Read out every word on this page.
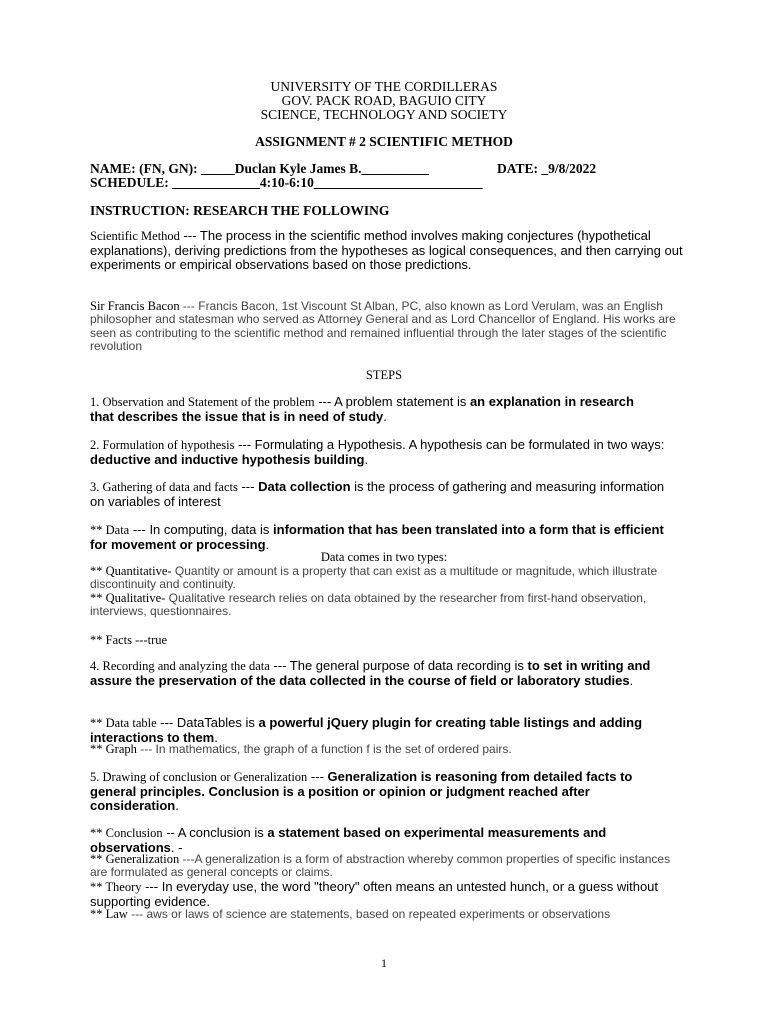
UNIVERSITY OF THE CORDILLERAS
GOV. PACK ROAD, BAGUIO CITY
SCIENCE, TECHNOLOGY AND SOCIETY
ASSIGNMENT # 2 SCIENTIFIC METHOD
NAME: (FN, GN): _____Duclan Kyle James B.__________	DATE: _9/8/2022
SCHEDULE: _____________4:10-6:10_________________________
INSTRUCTION: RESEARCH THE FOLLOWING
Scientific Method --- The process in the scientific method involves making conjectures (hypothetical explanations), deriving predictions from the hypotheses as logical consequences, and then carrying out experiments or empirical observations based on those predictions.
Sir Francis Bacon --- Francis Bacon, 1st Viscount St Alban, PC, also known as Lord Verulam, was an English philosopher and statesman who served as Attorney General and as Lord Chancellor of England. His works are seen as contributing to the scientific method and remained influential through the later stages of the scientific revolution
STEPS
1. Observation and Statement of the problem --- A problem statement is an explanation in research that describes the issue that is in need of study.
2. Formulation of hypothesis --- Formulating a Hypothesis. A hypothesis can be formulated in two ways: deductive and inductive hypothesis building.
3. Gathering of data and facts --- Data collection is the process of gathering and measuring information on variables of interest
** Data --- In computing, data is information that has been translated into a form that is efficient for movement or processing.
Data comes in two types:
** Quantitative- Quantity or amount is a property that can exist as a multitude or magnitude, which illustrate discontinuity and continuity.
** Qualitative- Qualitative research relies on data obtained by the researcher from first-hand observation, interviews, questionnaires.
** Facts ---true
4. Recording and analyzing the data --- The general purpose of data recording is to set in writing and assure the preservation of the data collected in the course of field or laboratory studies.
** Data table --- DataTables is a powerful jQuery plugin for creating table listings and adding interactions to them.
** Graph --- In mathematics, the graph of a function f is the set of ordered pairs.
5. Drawing of conclusion or Generalization --- Generalization is reasoning from detailed facts to general principles. Conclusion is a position or opinion or judgment reached after consideration.
** Conclusion -- A conclusion is a statement based on experimental measurements and observations. -
** Generalization ---A generalization is a form of abstraction whereby common properties of specific instances are formulated as general concepts or claims.
** Theory --- In everyday use, the word "theory" often means an untested hunch, or a guess without supporting evidence.
** Law --- aws or laws of science are statements, based on repeated experiments or observations
1
